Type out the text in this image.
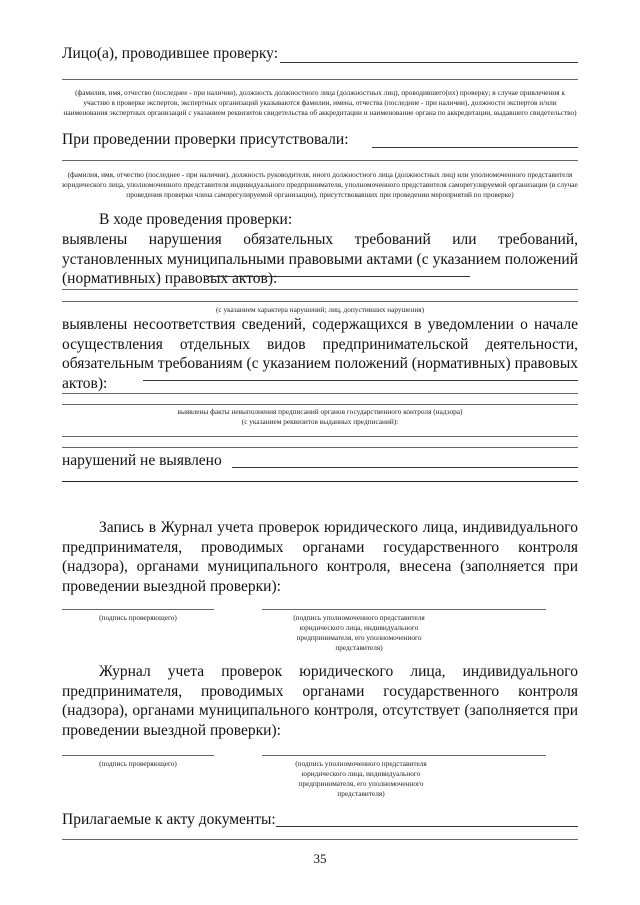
Лицо(а), проводившее проверку:
(фамилия, имя, отчество (последнее - при наличии), должность должностного лица (должностных лиц), проводившего(их) проверку; в случае привлечения к участию в проверке экспертов, экспертных организаций указываются фамилии, имена, отчества (последние - при наличии), должности экспертов и/или наименования экспертных организаций с указанием реквизитов свидетельства об аккредитации и наименование органа по аккредитации, выдавшего свидетельство)
При проведении проверки присутствовали:
(фамилия, имя, отчество (последнее - при наличии), должность руководителя, иного должностного лица (должностных лиц) или уполномоченного представителя юридического лица, уполномоченного представителя индивидуального предпринимателя, уполномоченного представителя саморегулируемой организации (в случае проведения проверки члена саморегулируемой организации), присутствовавших при проведении мероприятий по проверке)
В ходе проведения проверки:
выявлены нарушения обязательных требований или требований, установленных муниципальными правовыми актами (с указанием положений (нормативных) правовых актов):
(с указанием характера нарушений; лиц, допустивших нарушения)
выявлены несоответствия сведений, содержащихся в уведомлении о начале осуществления отдельных видов предпринимательской деятельности, обязательным требованиям (с указанием положений (нормативных) правовых актов):
выявлены факты невыполнения предписаний органов государственного контроля (надзора)
(с указанием реквизитов выданных предписаний):
нарушений не выявлено
Запись в Журнал учета проверок юридического лица, индивидуального предпринимателя, проводимых органами государственного контроля (надзора), органами муниципального контроля, внесена (заполняется при проведении выездной проверки):
(подпись проверяющего)	(подпись уполномоченного представителя юридического лица, индивидуального предпринимателя, его уполномоченного представителя)
Журнал учета проверок юридического лица, индивидуального предпринимателя, проводимых органами государственного контроля (надзора), органами муниципального контроля, отсутствует (заполняется при проведении выездной проверки):
(подпись проверяющего)	(подпись уполномоченного представителя юридического лица, индивидуального предпринимателя, его уполномоченного представителя)
Прилагаемые к акту документы:
35
